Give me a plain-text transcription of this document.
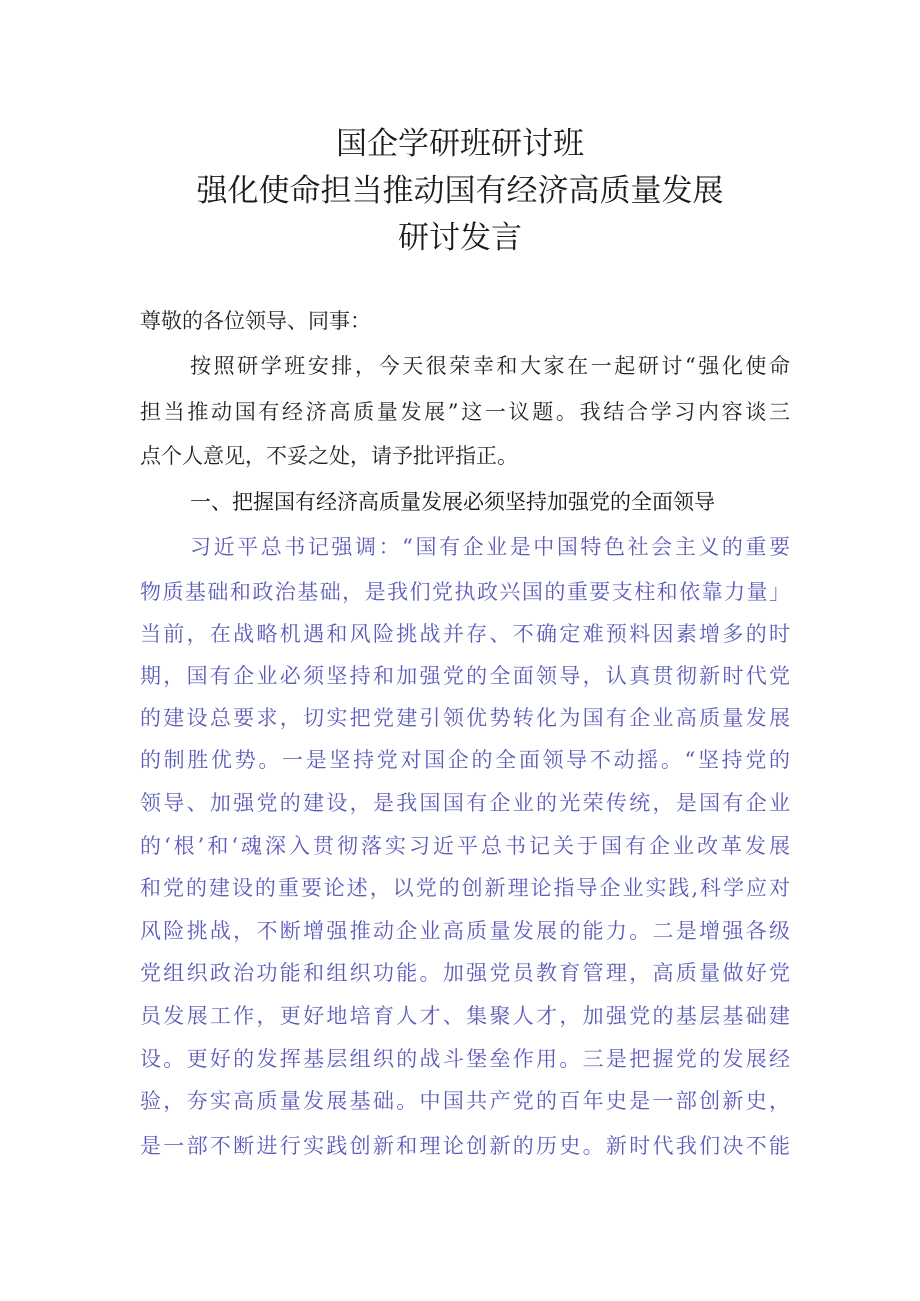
国企学研班研讨班
强化使命担当推动国有经济高质量发展
研讨发言

尊敬的各位领导、同事：

按照研学班安排，今天很荣幸和大家在一起研讨“强化使命

担当推动国有经济高质量发展”这一议题。我结合学习内容谈三

点个人意见，不妥之处，请予批评指正。

一、把握国有经济高质量发展必须坚持加强党的全面领导

习近平总书记强调：“国有企业是中国特色社会主义的重要

物质基础和政治基础，是我们党执政兴国的重要支柱和依靠力量」

当前，在战略机遇和风险挑战并存、不确定难预料因素增多的时

期，国有企业必须坚持和加强党的全面领导，认真贯彻新时代党

的建设总要求，切实把党建引领优势转化为国有企业高质量发展

的制胜优势。一是坚持党对国企的全面领导不动摇。“坚持党的

领导、加强党的建设，是我国国有企业的光荣传统，是国有企业

的‘根’和‘魂深入贯彻落实习近平总书记关于国有企业改革发展

和党的建设的重要论述，以党的创新理论指导企业实践,科学应对

风险挑战，不断增强推动企业高质量发展的能力。二是增强各级

党组织政治功能和组织功能。加强党员教育管理，高质量做好党

员发展工作，更好地培育人才、集聚人才，加强党的基层基础建

设。更好的发挥基层组织的战斗堡垒作用。三是把握党的发展经

验，夯实高质量发展基础。中国共产党的百年史是一部创新史，

是一部不断进行实践创新和理论创新的历史。新时代我们决不能
